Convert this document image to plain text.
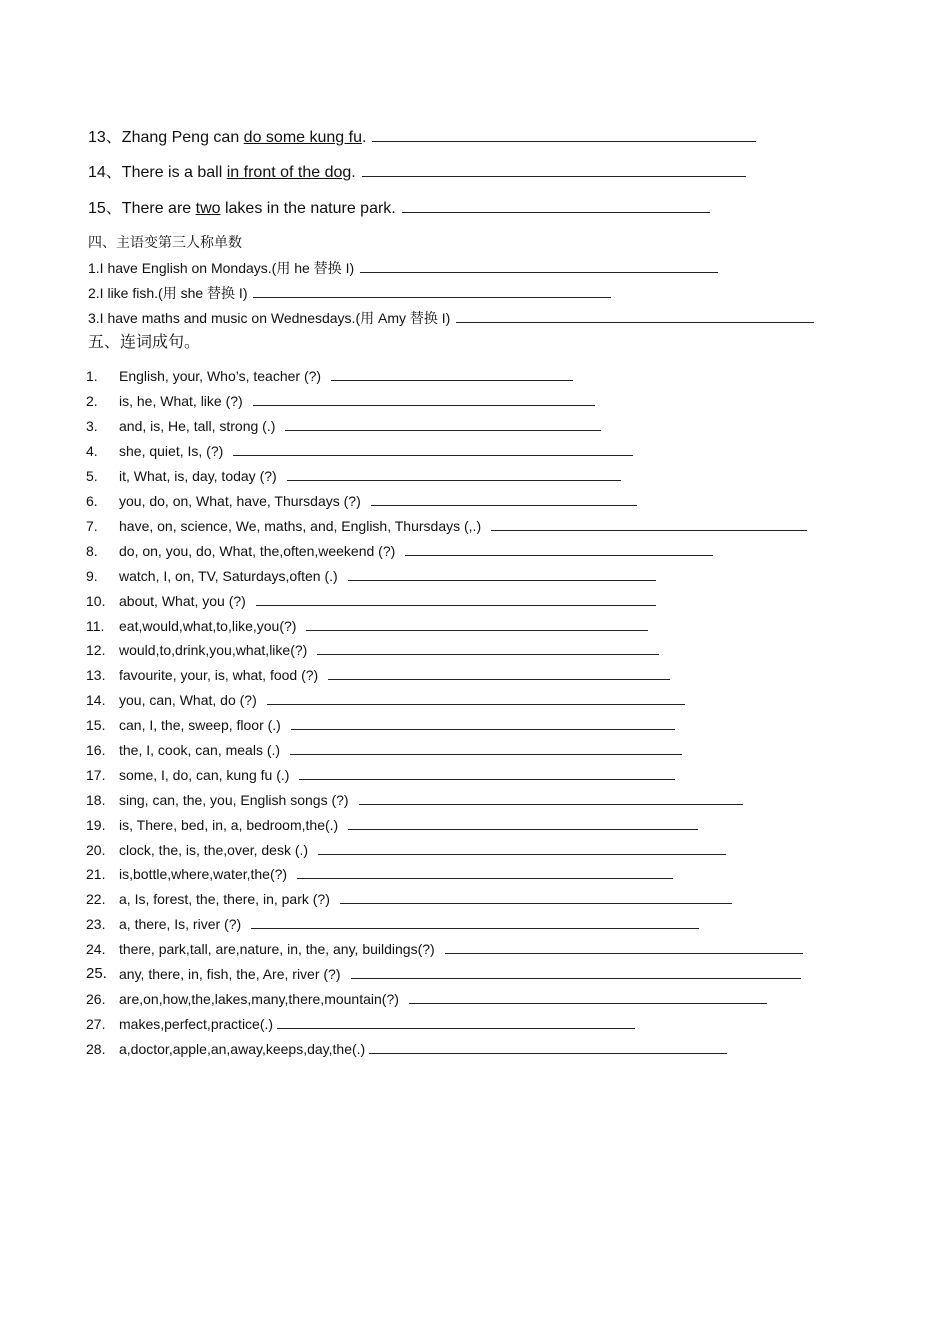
13、Zhang Peng can do some kung fu.
14、There is a ball in front of the dog.
15、There are two lakes in the nature park.
四、主语变第三人称单数
1.I have English on Mondays.(用 he 替换 I)
2.I like fish.(用 she 替换 I)
3.I have maths and music on Wednesdays.(用 Amy 替换 I)
五、连词成句。
1. English, your, Who’s, teacher (?)
2. is, he, What, like (?)
3. and, is, He, tall, strong (.)
4. she, quiet, Is, (?)
5. it, What, is, day, today (?)
6. you, do, on, What, have, Thursdays (?)
7. have, on, science, We, maths, and, English, Thursdays (,.)
8. do, on, you, do, What, the,often,weekend (?)
9. watch, I, on, TV, Saturdays,often (.)
10. about, What, you (?)
11. eat,would,what,to,like,you(?)
12. would,to,drink,you,what,like(?)
13. favourite, your, is, what, food (?)
14. you, can, What, do (?)
15. can, I, the, sweep, floor (.)
16. the, I, cook, can, meals (.)
17. some, I, do, can, kung fu (.)
18. sing, can, the, you, English songs (?)
19. is, There, bed, in, a, bedroom,the(.)
20. clock, the, is, the,over, desk (.)
21. is,bottle,where,water,the(?)
22. a, Is, forest, the, there, in, park (?)
23. a, there, Is, river (?)
24. there, park,tall, are,nature, in, the, any, buildings(?)
25. any, there, in, fish, the, Are, river (?)
26. are,on,how,the,lakes,many,there,mountain(?)
27. makes,perfect,practice(.)
28. a,doctor,apple,an,away,keeps,day,the(.)
